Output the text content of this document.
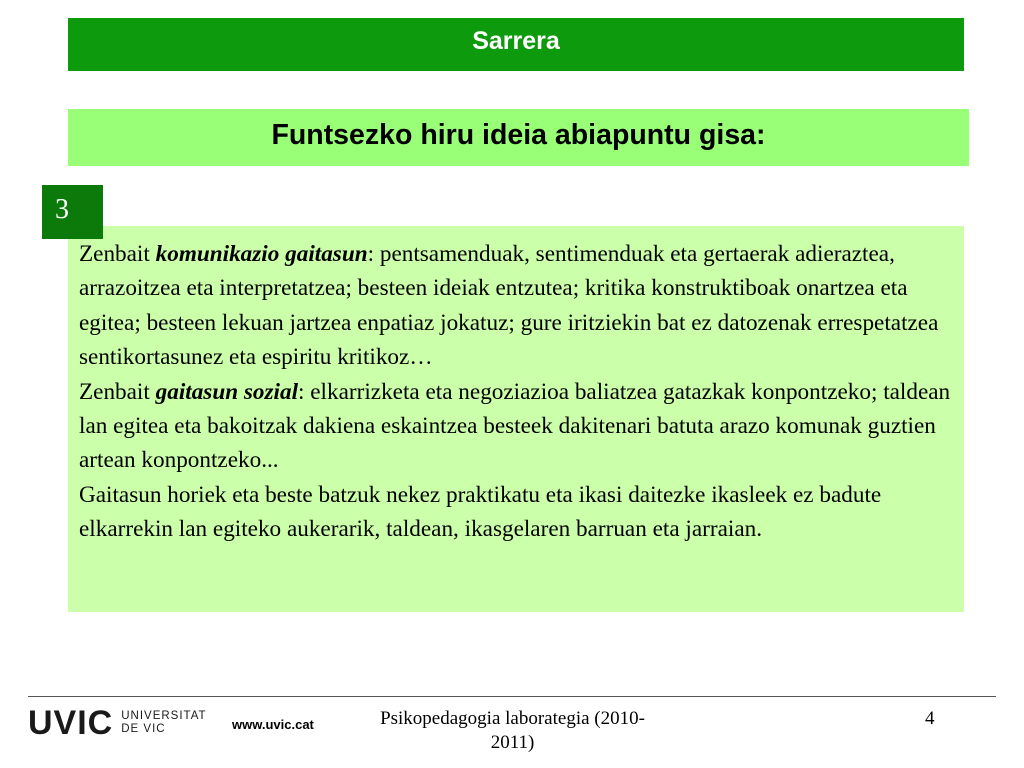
Sarrera
Funtsezko hiru ideia abiapuntu gisa:

Zenbait komunikazio gaitasun: pentsamenduak, sentimenduak eta gertaerak adieraztea, arrazoitzea eta interpretatzea; besteen ideiak entzutea; kritika konstruktiboak onartzea eta egitea; besteen lekuan jartzea enpatiaz jokatuz; gure iritziekin bat ez datozenak errespetatzea sentikortasunez eta espiritu kritikoz…

Zenbait gaitasun sozial: elkarrizketa eta negoziazioa baliatzea gatazkak konpontzeko; taldean lan egitea eta bakoitzak dakiena eskaintzea besteek dakitenari batuta arazo komunak guztien artean konpontzeko...

Gaitasun horiek eta beste batzuk nekez praktikatu eta ikasi daitezke ikasleek ez badute elkarrekin lan egiteko aukerarik, taldean, ikasgelaren barruan eta jarraian.

3
UVIC UNIVERSITAT
DE VIC	www.uvic.cat	Psikopedagogia laborategia (2010-2011)
4
